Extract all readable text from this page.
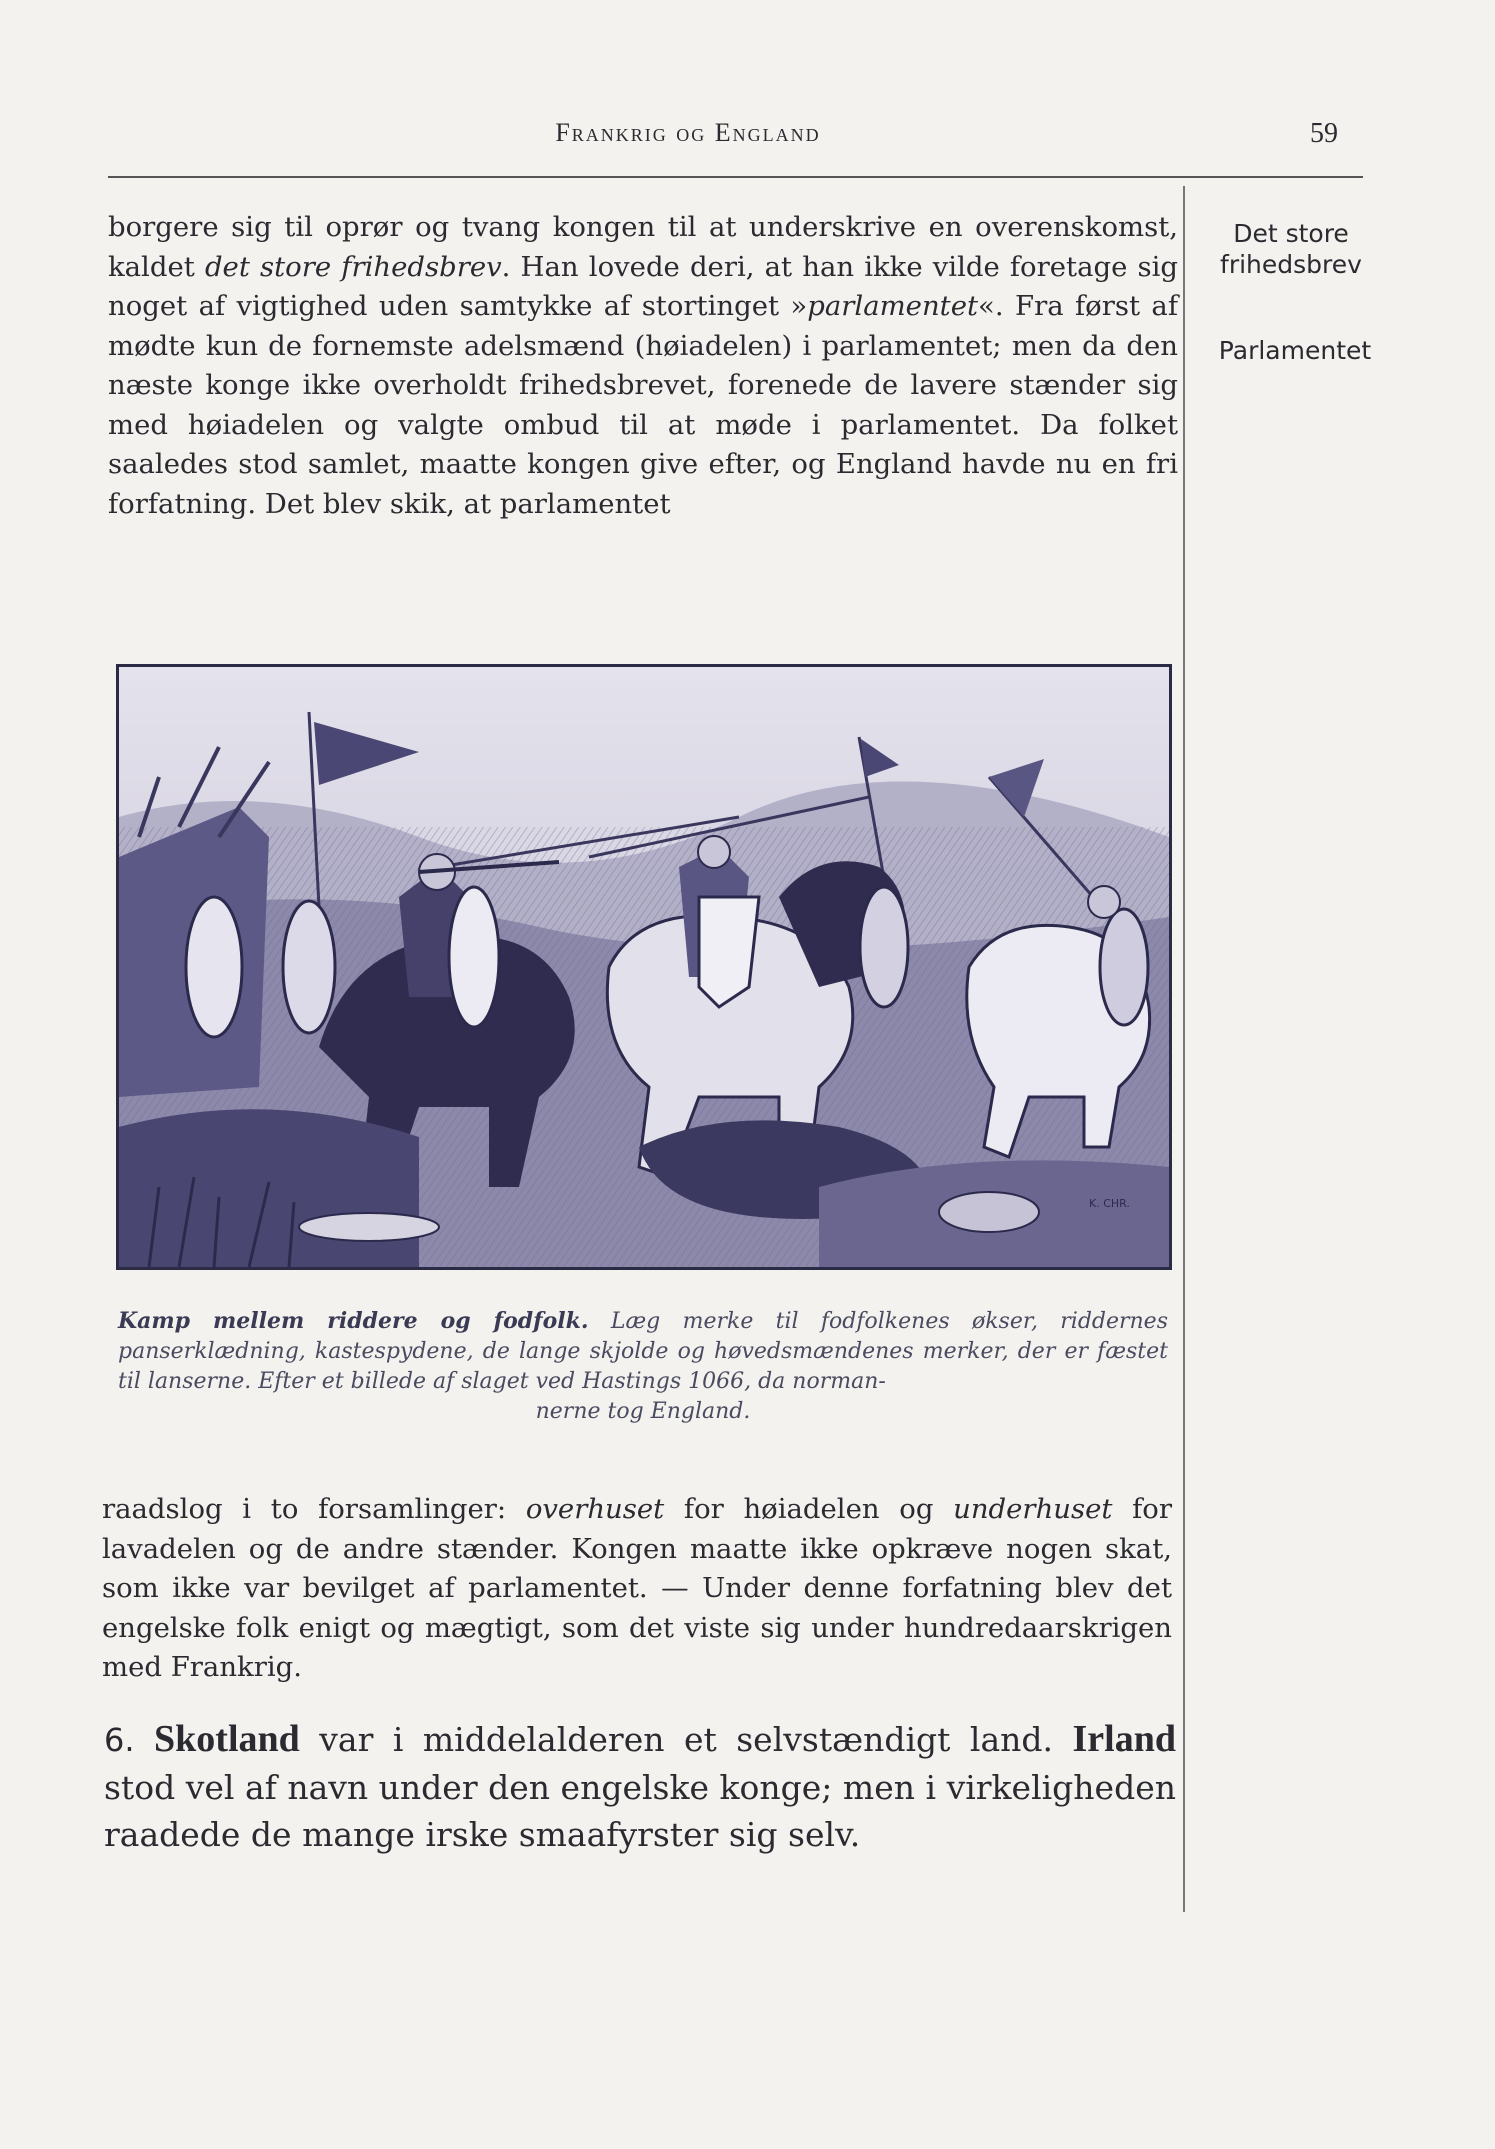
Frankrig og England	59
borgere sig til oprør og tvang kongen til at underskrive en overenskomst, kaldet det store frihedsbrev. Han lovede deri, at han ikke vilde foretage sig noget af vigtighed uden samtykke af stortinget »parlamentet«. Fra først af mødte kun de fornemste adelsmænd (høiadelen) i parlamentet; men da den næste konge ikke overholdt frihedsbrevet, forenede de lavere stænder sig med høiadelen og valgte ombud til at møde i parlamentet. Da folket saaledes stod samlet, maatte kongen give efter, og England havde nu en fri forfatning. Det blev skik, at parlamentet
Det store frihedsbrev
Parlamentet
K. CHR.
Kamp mellem riddere og fodfolk. Læg merke til fodfolkenes økser, riddernes panserklædning, kastespydene, de lange skjolde og høvedsmændenes merker, der er fæstet til lanserne. Efter et billede af slaget ved Hastings 1066, da norman-
nerne tog England.
raadslog i to forsamlinger: overhuset for høiadelen og underhuset for lavadelen og de andre stænder. Kongen maatte ikke opkræve nogen skat, som ikke var bevilget af parlamentet. — Under denne forfatning blev det engelske folk enigt og mægtigt, som det viste sig under hundredaarskrigen med Frankrig.
6. Skotland var i middelalderen et selvstændigt land. Irland stod vel af navn under den engelske konge; men i virkeligheden raadede de mange irske smaafyrster sig selv.
